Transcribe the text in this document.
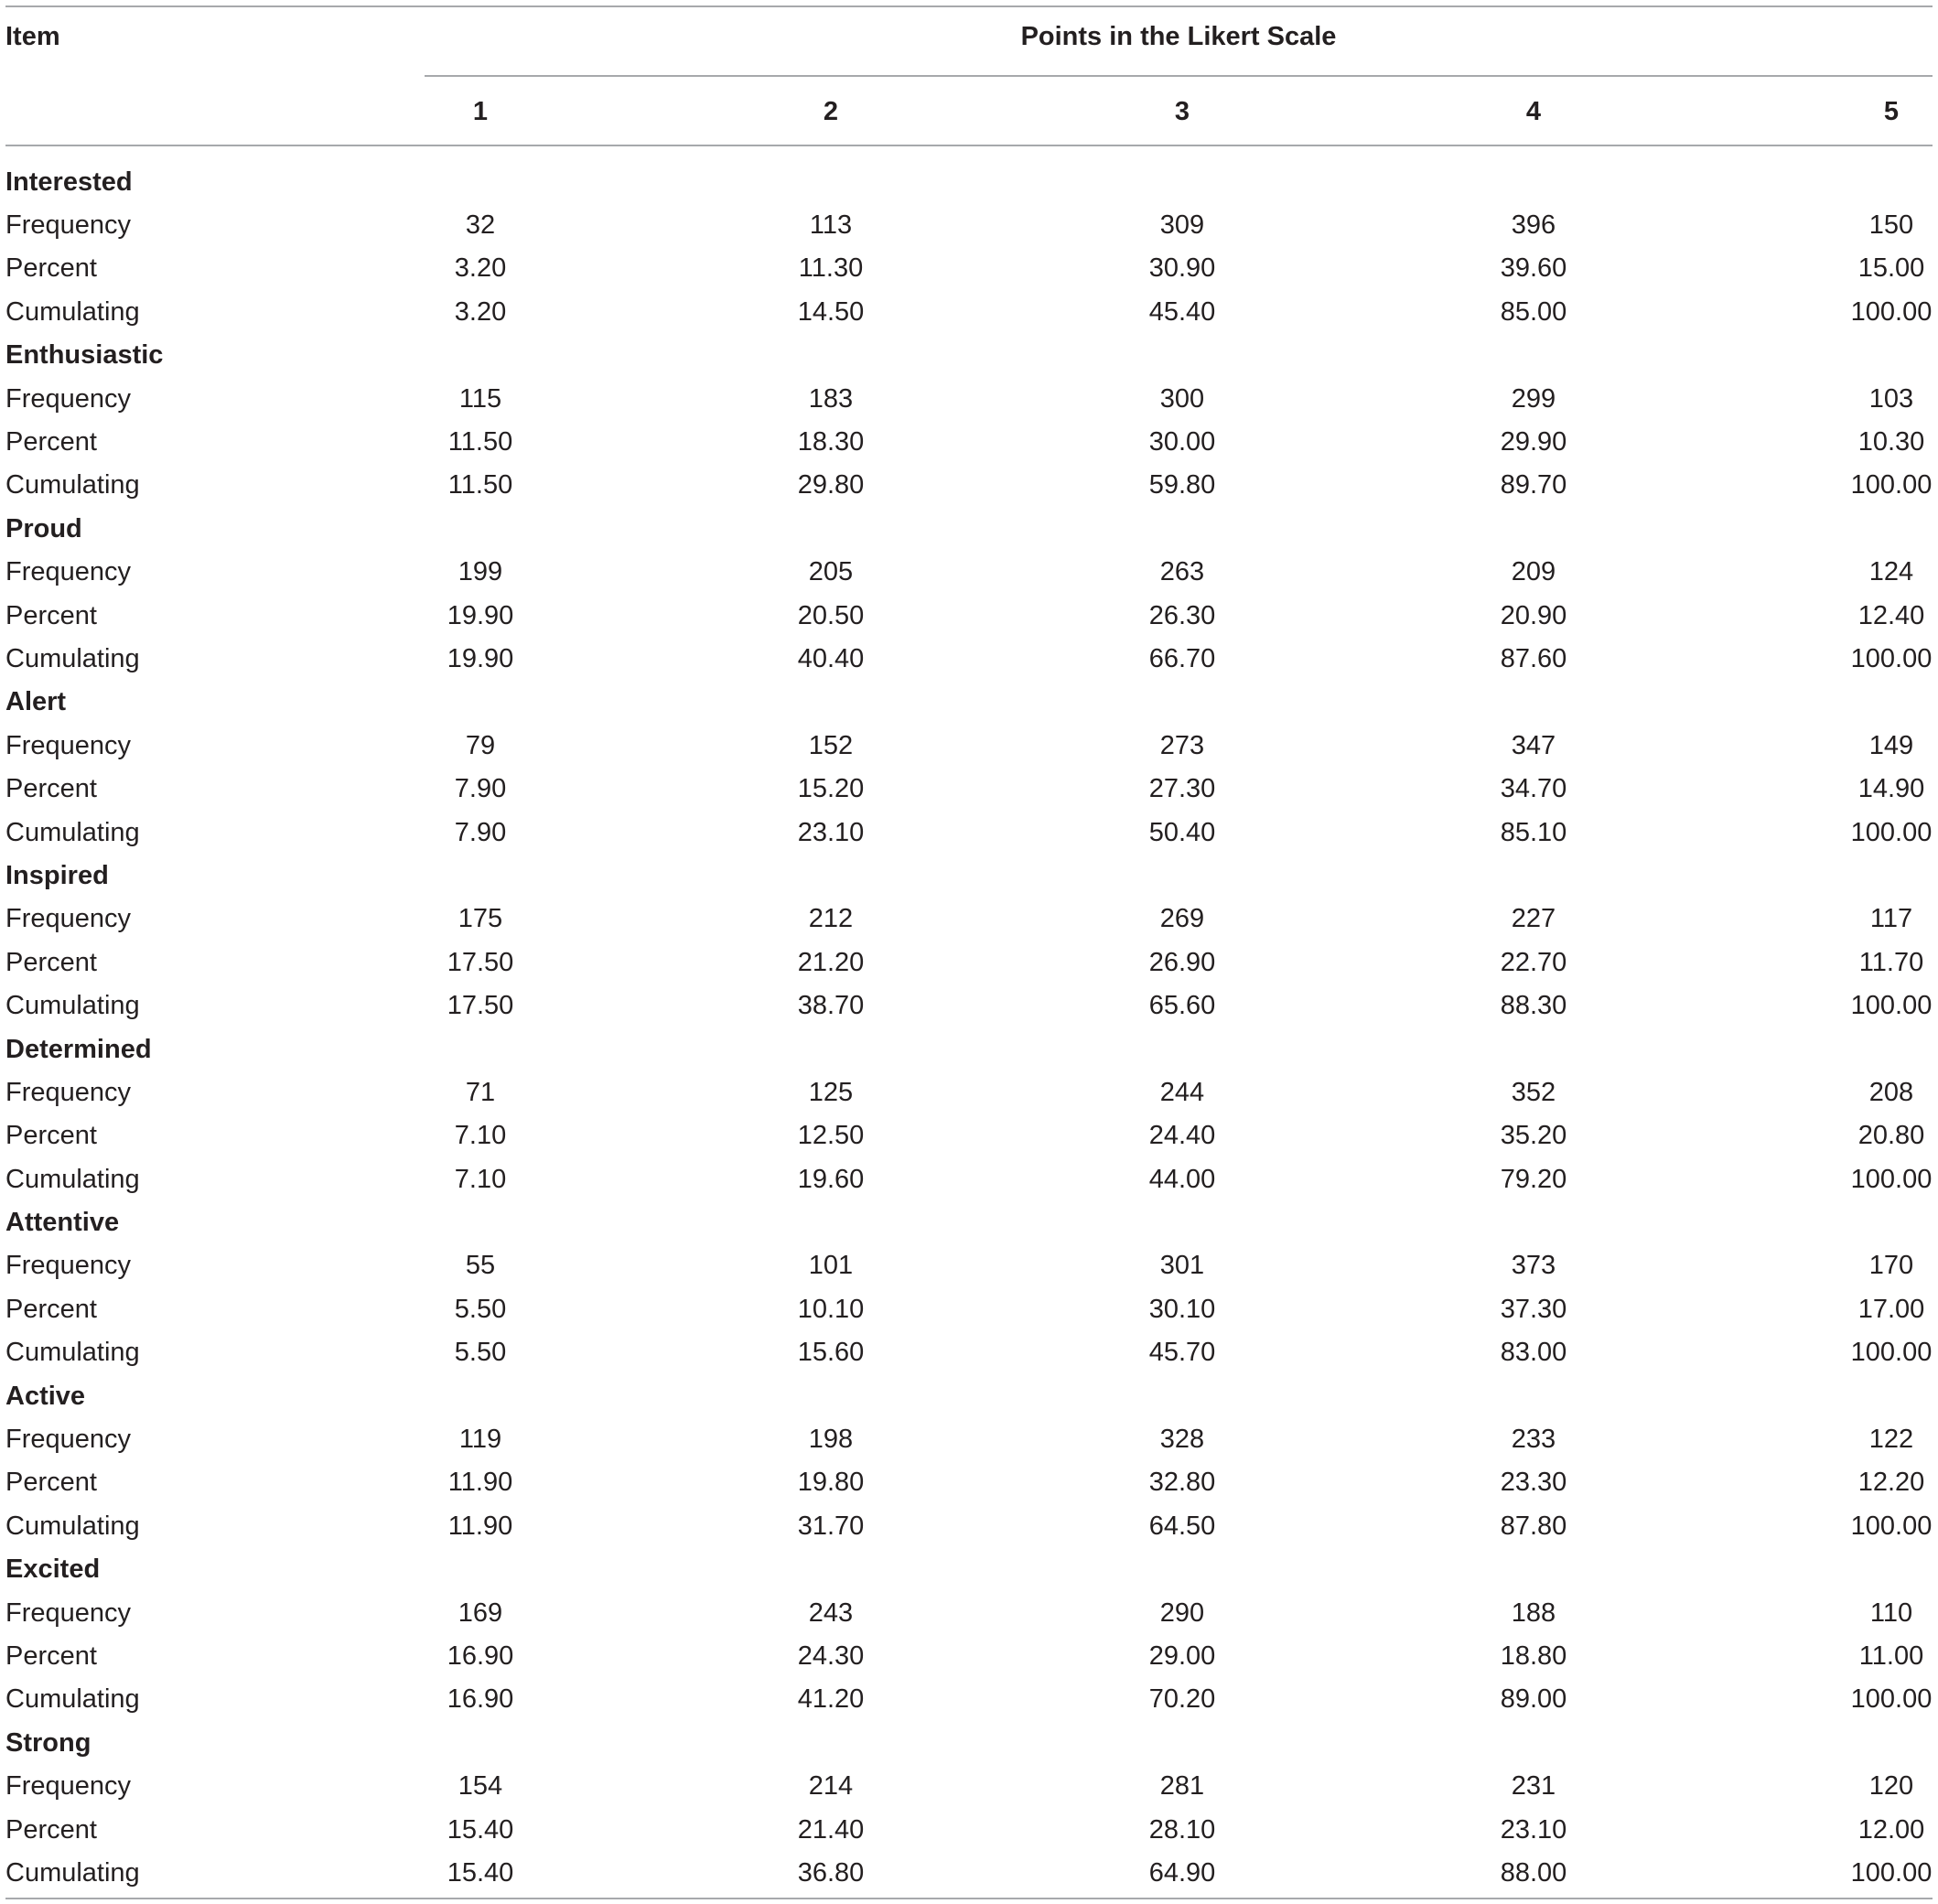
Item	Points in the Likert Scale
1	2	3	4	5
Interested
Frequency	32	113	309	396	150
Percent	3.20	11.30	30.90	39.60	15.00
Cumulating	3.20	14.50	45.40	85.00	100.00
Enthusiastic
Frequency	115	183	300	299	103
Percent	11.50	18.30	30.00	29.90	10.30
Cumulating	11.50	29.80	59.80	89.70	100.00
Proud
Frequency	199	205	263	209	124
Percent	19.90	20.50	26.30	20.90	12.40
Cumulating	19.90	40.40	66.70	87.60	100.00
Alert
Frequency	79	152	273	347	149
Percent	7.90	15.20	27.30	34.70	14.90
Cumulating	7.90	23.10	50.40	85.10	100.00
Inspired
Frequency	175	212	269	227	117
Percent	17.50	21.20	26.90	22.70	11.70
Cumulating	17.50	38.70	65.60	88.30	100.00
Determined
Frequency	71	125	244	352	208
Percent	7.10	12.50	24.40	35.20	20.80
Cumulating	7.10	19.60	44.00	79.20	100.00
Attentive
Frequency	55	101	301	373	170
Percent	5.50	10.10	30.10	37.30	17.00
Cumulating	5.50	15.60	45.70	83.00	100.00
Active
Frequency	119	198	328	233	122
Percent	11.90	19.80	32.80	23.30	12.20
Cumulating	11.90	31.70	64.50	87.80	100.00
Excited
Frequency	169	243	290	188	110
Percent	16.90	24.30	29.00	18.80	11.00
Cumulating	16.90	41.20	70.20	89.00	100.00
Strong
Frequency	154	214	281	231	120
Percent	15.40	21.40	28.10	23.10	12.00
Cumulating	15.40	36.80	64.90	88.00	100.00
